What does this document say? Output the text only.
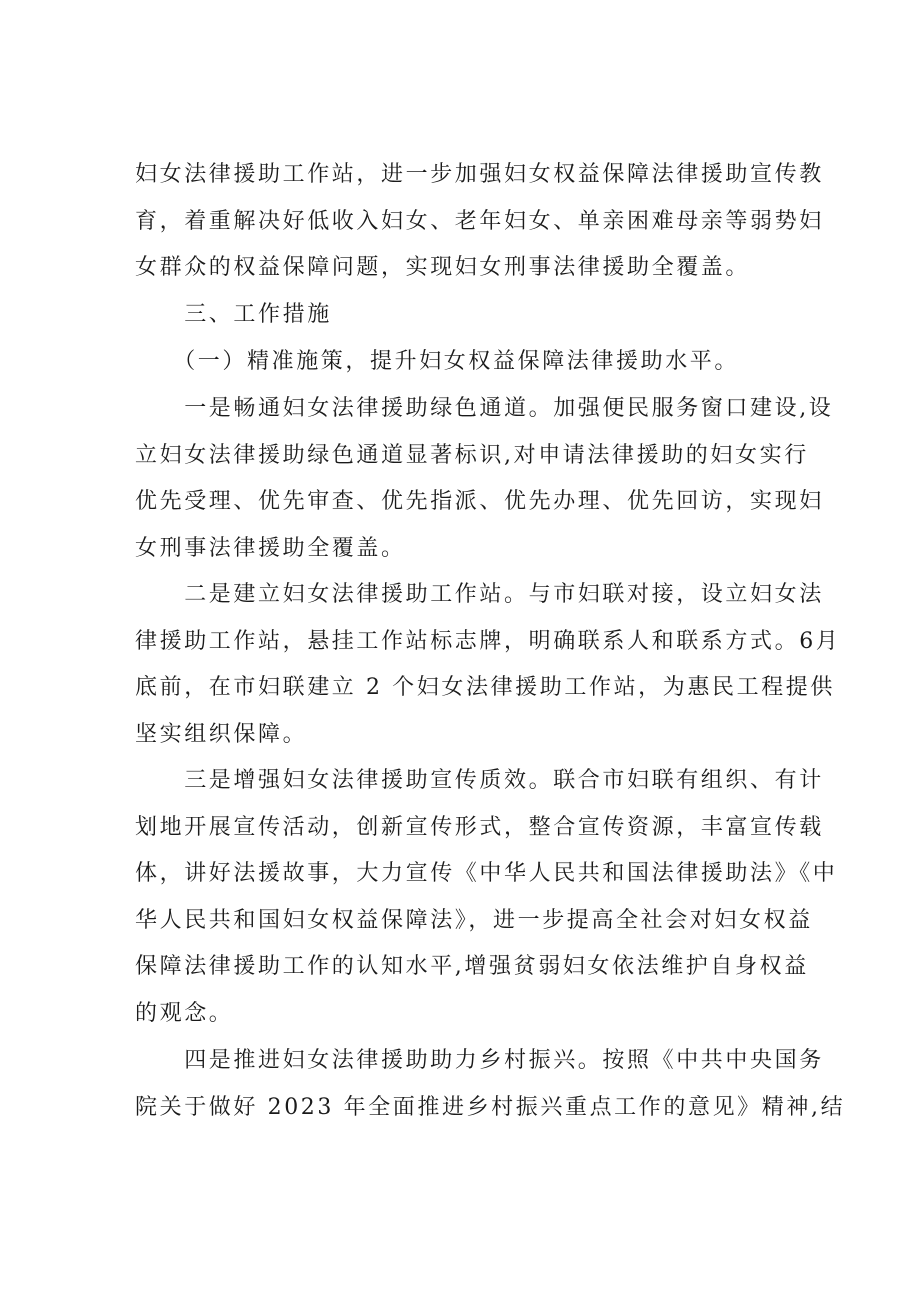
妇女法律援助工作站，进一步加强妇女权益保障法律援助宣传教
育，着重解决好低收入妇女、老年妇女、单亲困难母亲等弱势妇
女群众的权益保障问题，实现妇女刑事法律援助全覆盖。
　　三、工作措施
　　（一）精准施策，提升妇女权益保障法律援助水平。
　　一是畅通妇女法律援助绿色通道。加强便民服务窗口建设,设
立妇女法律援助绿色通道显著标识,对申请法律援助的妇女实行
优先受理、优先审查、优先指派、优先办理、优先回访，实现妇
女刑事法律援助全覆盖。
　　二是建立妇女法律援助工作站。与市妇联对接，设立妇女法
律援助工作站，悬挂工作站标志牌，明确联系人和联系方式。6月
底前，在市妇联建立 2 个妇女法律援助工作站，为惠民工程提供
坚实组织保障。
　　三是增强妇女法律援助宣传质效。联合市妇联有组织、有计
划地开展宣传活动，创新宣传形式，整合宣传资源，丰富宣传载
体，讲好法援故事，大力宣传《中华人民共和国法律援助法》《中
华人民共和国妇女权益保障法》，进一步提高全社会对妇女权益
保障法律援助工作的认知水平,增强贫弱妇女依法维护自身权益
的观念。
　　四是推进妇女法律援助助力乡村振兴。按照《中共中央国务
院关于做好 2023 年全面推进乡村振兴重点工作的意见》精神,结
